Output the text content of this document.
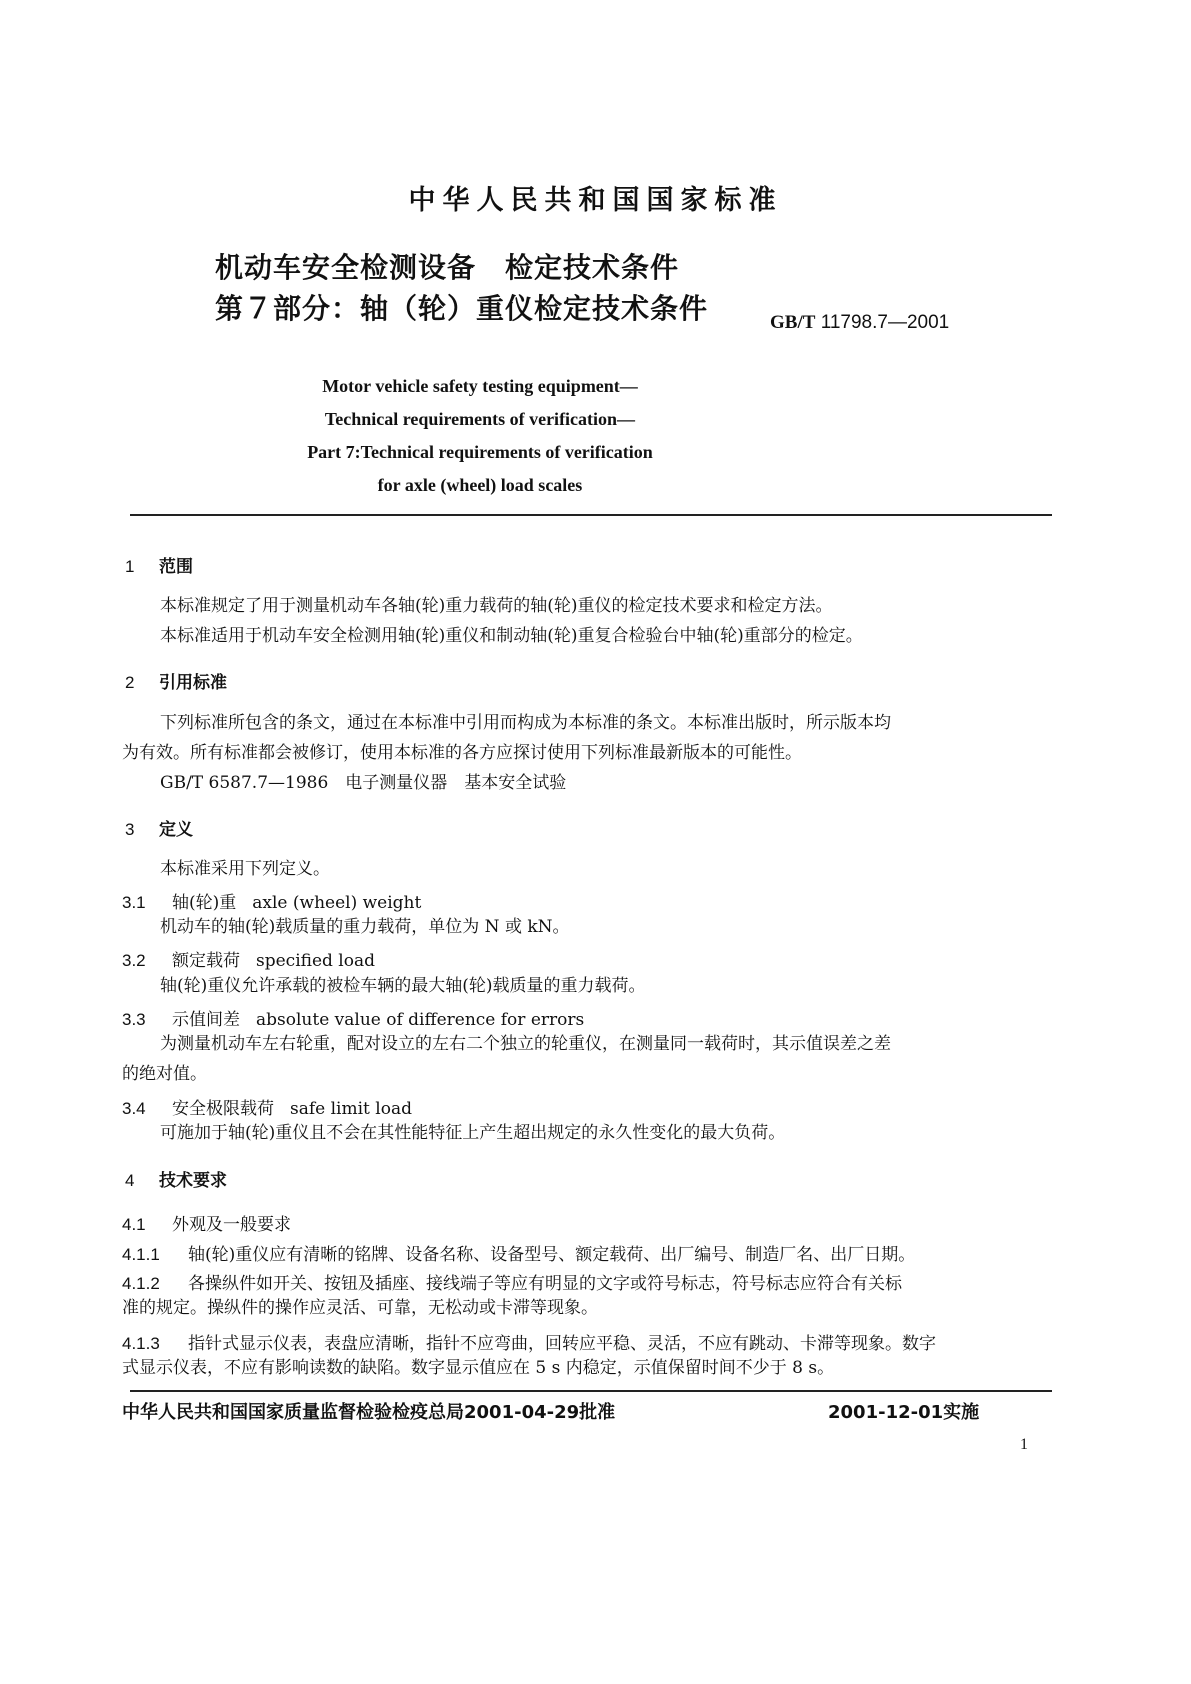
中华人民共和国国家标准
机动车安全检测设备　检定技术条件
第７部分：轴（轮）重仪检定技术条件	GB/T 11798.7—2001
Motor vehicle safety testing equipment—
Technical requirements of verification—
Part 7:Technical requirements of verification
for axle (wheel) load scales
1 范围
本标准规定了用于测量机动车各轴(轮)重力载荷的轴(轮)重仪的检定技术要求和检定方法。
本标准适用于机动车安全检测用轴(轮)重仪和制动轴(轮)重复合检验台中轴(轮)重部分的检定。
2 引用标准
下列标准所包含的条文，通过在本标准中引用而构成为本标准的条文。本标准出版时，所示版本均
为有效。所有标准都会被修订，使用本标准的各方应探讨使用下列标准最新版本的可能性。
GB/T 6587.7—1986　电子测量仪器　基本安全试验
3 定义
本标准采用下列定义。
3.1 轴(轮)重 axle (wheel) weight
机动车的轴(轮)载质量的重力载荷，单位为 N 或 kN。
3.2 额定载荷 specified load
轴(轮)重仪允许承载的被检车辆的最大轴(轮)载质量的重力载荷。
3.3 示值间差 absolute value of difference for errors
为测量机动车左右轮重，配对设立的左右二个独立的轮重仪，在测量同一载荷时，其示值误差之差
的绝对值。
3.4 安全极限载荷 safe limit load
可施加于轴(轮)重仪且不会在其性能特征上产生超出规定的永久性变化的最大负荷。
4 技术要求
4.1 外观及一般要求
4.1.1 轴(轮)重仪应有清晰的铭牌、设备名称、设备型号、额定载荷、出厂编号、制造厂名、出厂日期。
4.1.2 各操纵件如开关、按钮及插座、接线端子等应有明显的文字或符号标志，符号标志应符合有关标
准的规定。操纵件的操作应灵活、可靠，无松动或卡滞等现象。
4.1.3 指针式显示仪表，表盘应清晰，指针不应弯曲，回转应平稳、灵活，不应有跳动、卡滞等现象。数字
式显示仪表，不应有影响读数的缺陷。数字显示值应在 5 s 内稳定，示值保留时间不少于 8 s。
中华人民共和国国家质量监督检验检疫总局2001-04-29批准	2001-12-01实施
1
